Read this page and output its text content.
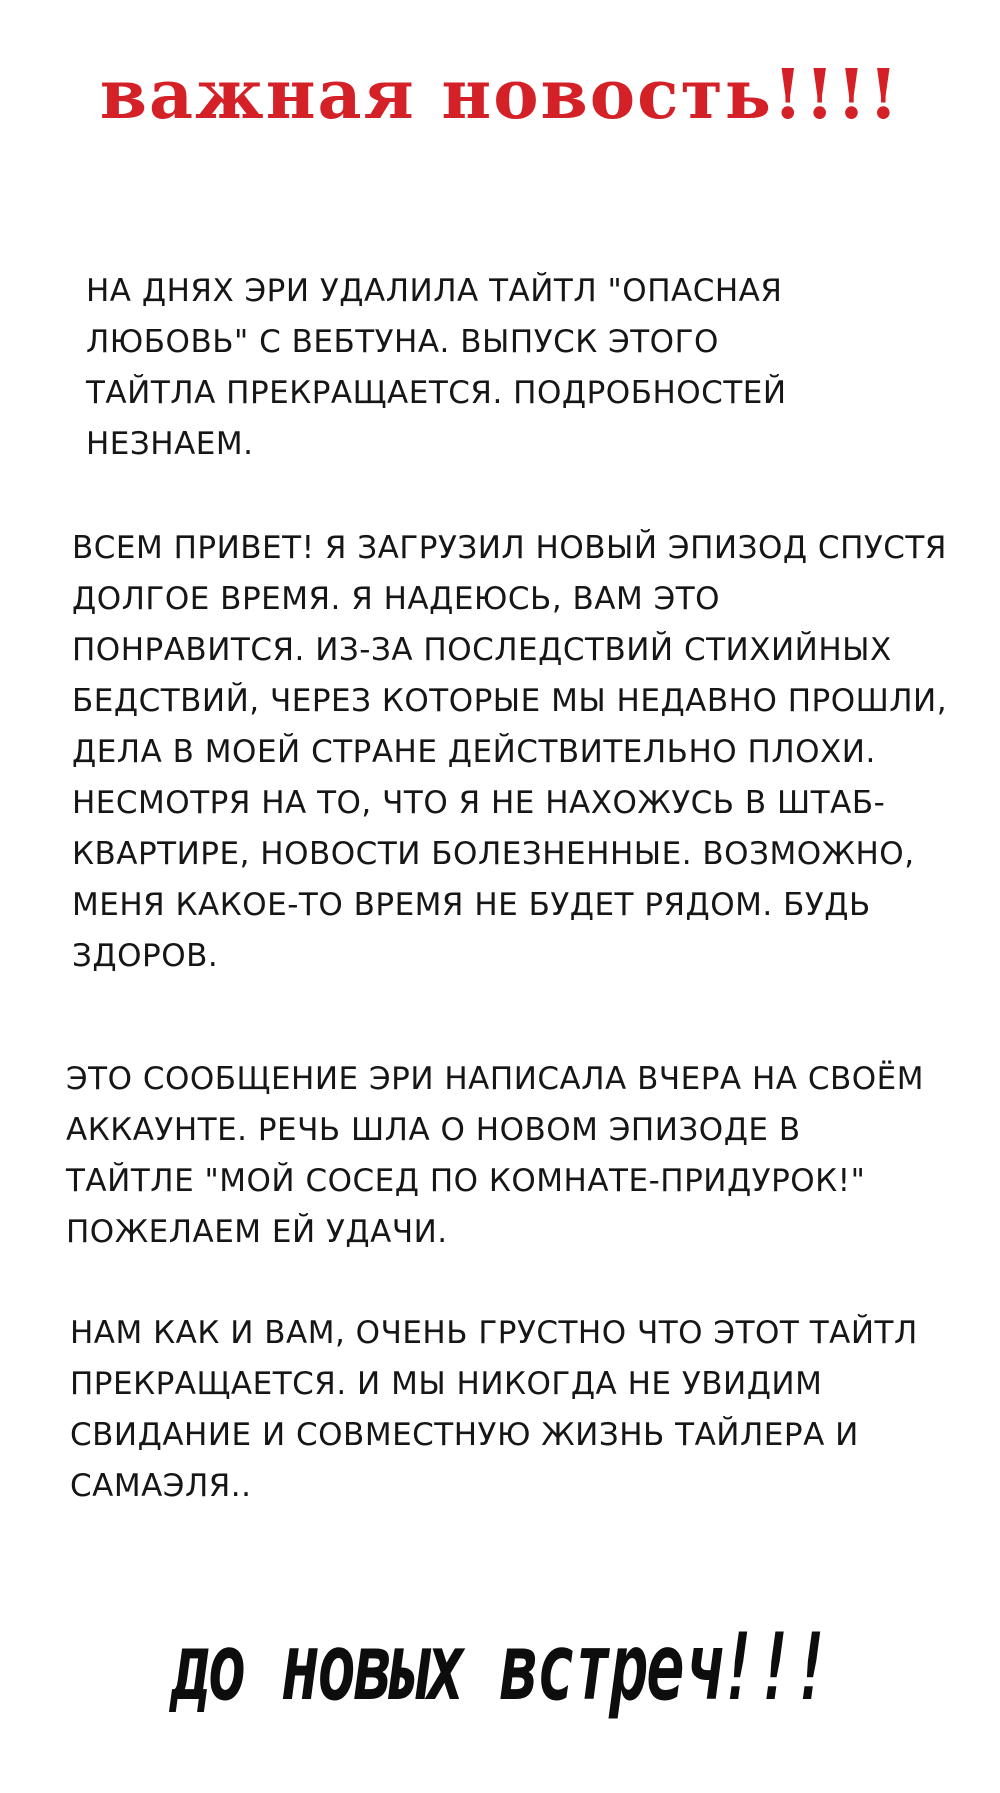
важная новость!!!!

НА ДНЯХ ЭРИ УДАЛИЛА ТАЙТЛ "ОПАСНАЯ ЛЮБОВЬ" С ВЕБТУНА. ВЫПУСК ЭТОГО ТАЙТЛА ПРЕКРАЩАЕТСЯ. ПОДРОБНОСТЕЙ НЕЗНАЕМ.

ВСЕМ ПРИВЕТ! Я ЗАГРУЗИЛ НОВЫЙ ЭПИЗОД СПУСТЯ ДОЛГОЕ ВРЕМЯ. Я НАДЕЮСЬ, ВАМ ЭТО ПОНРАВИТСЯ. ИЗ-ЗА ПОСЛЕДСТВИЙ СТИХИЙНЫХ БЕДСТВИЙ, ЧЕРЕЗ КОТОРЫЕ МЫ НЕДАВНО ПРОШЛИ, ДЕЛА В МОЕЙ СТРАНЕ ДЕЙСТВИТЕЛЬНО ПЛОХИ. НЕСМОТРЯ НА ТО, ЧТО Я НЕ НАХОЖУСЬ В ШТАБ-КВАРТИРЕ, НОВОСТИ БОЛЕЗНЕННЫЕ. ВОЗМОЖНО, МЕНЯ КАКОЕ-ТО ВРЕМЯ НЕ БУДЕТ РЯДОМ. БУДЬ ЗДОРОВ.

ЭТО СООБЩЕНИЕ ЭРИ НАПИСАЛА ВЧЕРА НА СВОЁМ АККАУНТЕ. РЕЧЬ ШЛА О НОВОМ ЭПИЗОДЕ В ТАЙТЛЕ "МОЙ СОСЕД ПО КОМНАТЕ-ПРИДУРОК!" ПОЖЕЛАЕМ ЕЙ УДАЧИ.

НАМ КАК И ВАМ, ОЧЕНЬ ГРУСТНО ЧТО ЭТОТ ТАЙТЛ ПРЕКРАЩАЕТСЯ. И МЫ НИКОГДА НЕ УВИДИМ СВИДАНИЕ И СОВМЕСТНУЮ ЖИЗНЬ ТАЙЛЕРА И САМАЭЛЯ..

до новых встреч!!!
